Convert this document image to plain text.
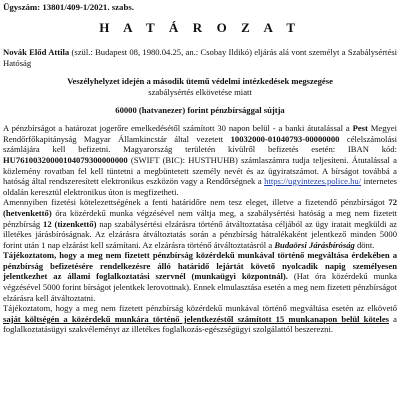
Ügyszám: 13801/409-1/2021. szabs.
H A T Á R O Z A T
Novák Előd Attila (szül.: Budapest 08, 1980.04.25, an.: Csobay Ildikó) eljárás alá vont személyt a Szabálysértési Hatóság
Veszélyhelyzet idején a második ütemű védelmi intézkedések megszegése
szabálysértés elkövetése miatt
60000 (hatvanezer) forint pénzbírsággal sújtja

A pénzbírságot a határozat jogerőre emelkedésétől számított 30 napon belül - a banki átutalással a Pest Megyei Rendőrfőkapitányság Magyar Államkincstár által vezetett 10032000-01040793-00000000 célelszámolási számlájára kell befizetni. Magyarország területén kívülről befizetés esetén: IBAN kód: HU76100320000104079300000000 (SWIFT (BIC): HUSTHUHB) számlaszámra tudja teljesíteni. Átutalással a közlemény rovatban fel kell tüntetni a megbüntetett személy nevét és az ügyiratszámot. A bírságot továbbá a hatóság által rendszeresített elektronikus eszközön vagy a Rendőrségnek a https://ugyintezes.police.hu/ internetes oldalán keresztül elektronikus úton is megfizetheti.

Amennyiben fizetési kötelezettségének a fenti határidőre nem tesz eleget, illetve a fizetendő pénzbírságot 72 (hetvenkettő) óra közérdekű munka végzésével nem váltja meg, a szabálysértési hatóság a meg nem fizetett pénzbírság 12 (tizenkettő) nap szabálysértési elzárásra történő átváltoztatása céljából az ügy iratait megküldi az illetékes járásbíróságnak. Az elzárásra átváltoztatás során a pénzbírság hátralékaként jelentkező minden 5000 forint után 1 nap elzárást kell számítani. Az elzárásra történő átváltoztatásról a Budaörsi Járásbíróság dönt.

Tájékoztatom, hogy a meg nem fizetett pénzbírság közérdekű munkával történő megváltása érdekében a pénzbírság befizetésére rendelkezésre álló határidő lejártát követő nyolcadik napig személyesen jelentkezhet az állami foglalkoztatási szervnél (munkaügyi központnál). (Hat óra közérdekű munka végzésével 5000 forint bírságot jelentkek lerovottnak). Ennek elmulasztása esetén a meg nem fizetett pénzbírságot elzárásra kell átváltoztatni.

Tájékoztatom, hogy a meg nem fizetett pénzbírság közérdekű munkával történő megváltása esetén az elkövető saját költségén a közérdekű munkára történő jelentkezéstől számított 15 munkanapon belül köteles a foglalkoztatásügyi szakvéleményt az illetékes foglalkozás-egészségügyi szolgálattól beszerezni.
